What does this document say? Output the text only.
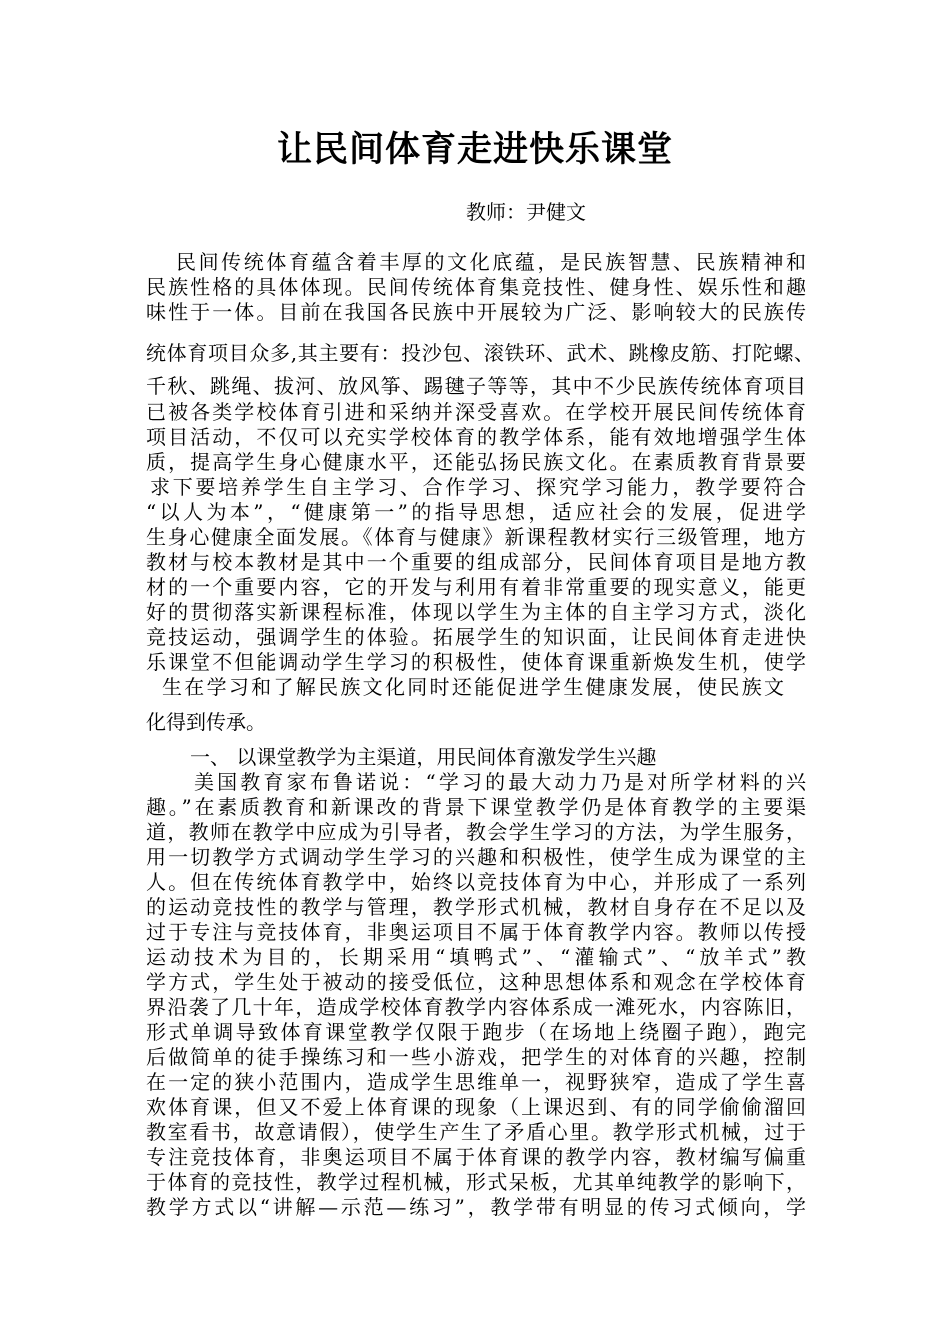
让民间体育走进快乐课堂
教师：尹健文
民间传统体育蕴含着丰厚的文化底蕴，是民族智慧、民族精神和
民族性格的具体体现。民间传统体育集竞技性、健身性、娱乐性和趣
味性于一体。目前在我国各民族中开展较为广泛、影响较大的民族传
统体育项目众多,其主要有：投沙包、滚铁环、武术、跳橡皮筋、打陀螺、
千秋、跳绳、拔河、放风筝、踢毽子等等，其中不少民族传统体育项目
已被各类学校体育引进和采纳并深受喜欢。在学校开展民间传统体育
项目活动，不仅可以充实学校体育的教学体系，能有效地增强学生体
质，提高学生身心健康水平，还能弘扬民族文化。在素质教育背景要
求下要培养学生自主学习、合作学习、探究学习能力，教学要符合
“以人为本”，“健康第一”的指导思想，适应社会的发展，促进学
生身心健康全面发展。《体育与健康》新课程教材实行三级管理，地方
教材与校本教材是其中一个重要的组成部分，民间体育项目是地方教
材的一个重要内容，它的开发与利用有着非常重要的现实意义，能更
好的贯彻落实新课程标准，体现以学生为主体的自主学习方式，淡化
竞技运动，强调学生的体验。拓展学生的知识面，让民间体育走进快
乐课堂不但能调动学生学习的积极性，使体育课重新焕发生机，使学
生在学习和了解民族文化同时还能促进学生健康发展，使民族文
化得到传承。
一、 以课堂教学为主渠道，用民间体育激发学生兴趣
美国教育家布鲁诺说：“学习的最大动力乃是对所学材料的兴
趣。”在素质教育和新课改的背景下课堂教学仍是体育教学的主要渠
道，教师在教学中应成为引导者，教会学生学习的方法，为学生服务，
用一切教学方式调动学生学习的兴趣和积极性，使学生成为课堂的主
人。但在传统体育教学中，始终以竞技体育为中心，并形成了一系列
的运动竞技性的教学与管理，教学形式机械，教材自身存在不足以及
过于专注与竞技体育，非奥运项目不属于体育教学内容。教师以传授
运动技术为目的，长期采用“填鸭式”、“灌输式”、“放羊式”教
学方式，学生处于被动的接受低位，这种思想体系和观念在学校体育
界沿袭了几十年，造成学校体育教学内容体系成一滩死水，内容陈旧，
形式单调导致体育课堂教学仅限于跑步（在场地上绕圈子跑），跑完
后做简单的徒手操练习和一些小游戏，把学生的对体育的兴趣，控制
在一定的狭小范围内，造成学生思维单一，视野狭窄，造成了学生喜
欢体育课，但又不爱上体育课的现象（上课迟到、有的同学偷偷溜回
教室看书，故意请假），使学生产生了矛盾心里。教学形式机械，过于
专注竞技体育，非奥运项目不属于体育课的教学内容，教材编写偏重
于体育的竞技性，教学过程机械，形式呆板，尤其单纯教学的影响下，
教学方式以“讲解—示范—练习”，教学带有明显的传习式倾向，学
